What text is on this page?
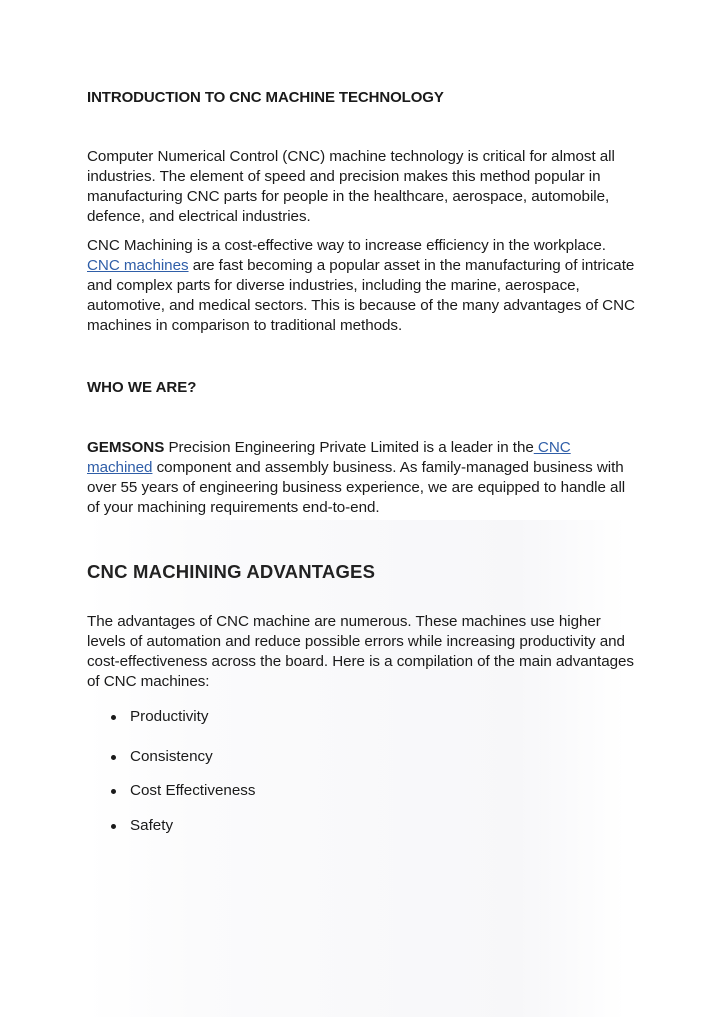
INTRODUCTION TO CNC MACHINE TECHNOLOGY
Computer Numerical Control (CNC) machine technology is critical for almost all industries. The element of speed and precision makes this method popular in manufacturing CNC parts for people in the healthcare, aerospace, automobile, defence, and electrical industries.
CNC Machining is a cost-effective way to increase efficiency in the workplace. CNC machines are fast becoming a popular asset in the manufacturing of intricate and complex parts for diverse industries, including the marine, aerospace, automotive, and medical sectors. This is because of the many advantages of CNC machines in comparison to traditional methods.
WHO WE ARE?
GEMSONS Precision Engineering Private Limited is a leader in the CNC machined component and assembly business. As family-managed business with over 55 years of engineering business experience, we are equipped to handle all of your machining requirements end-to-end.
CNC MACHINING ADVANTAGES
The advantages of CNC machine are numerous. These machines use higher levels of automation and reduce possible errors while increasing productivity and cost-effectiveness across the board. Here is a compilation of the main advantages of CNC machines:
Productivity
Consistency
Cost Effectiveness
Safety
